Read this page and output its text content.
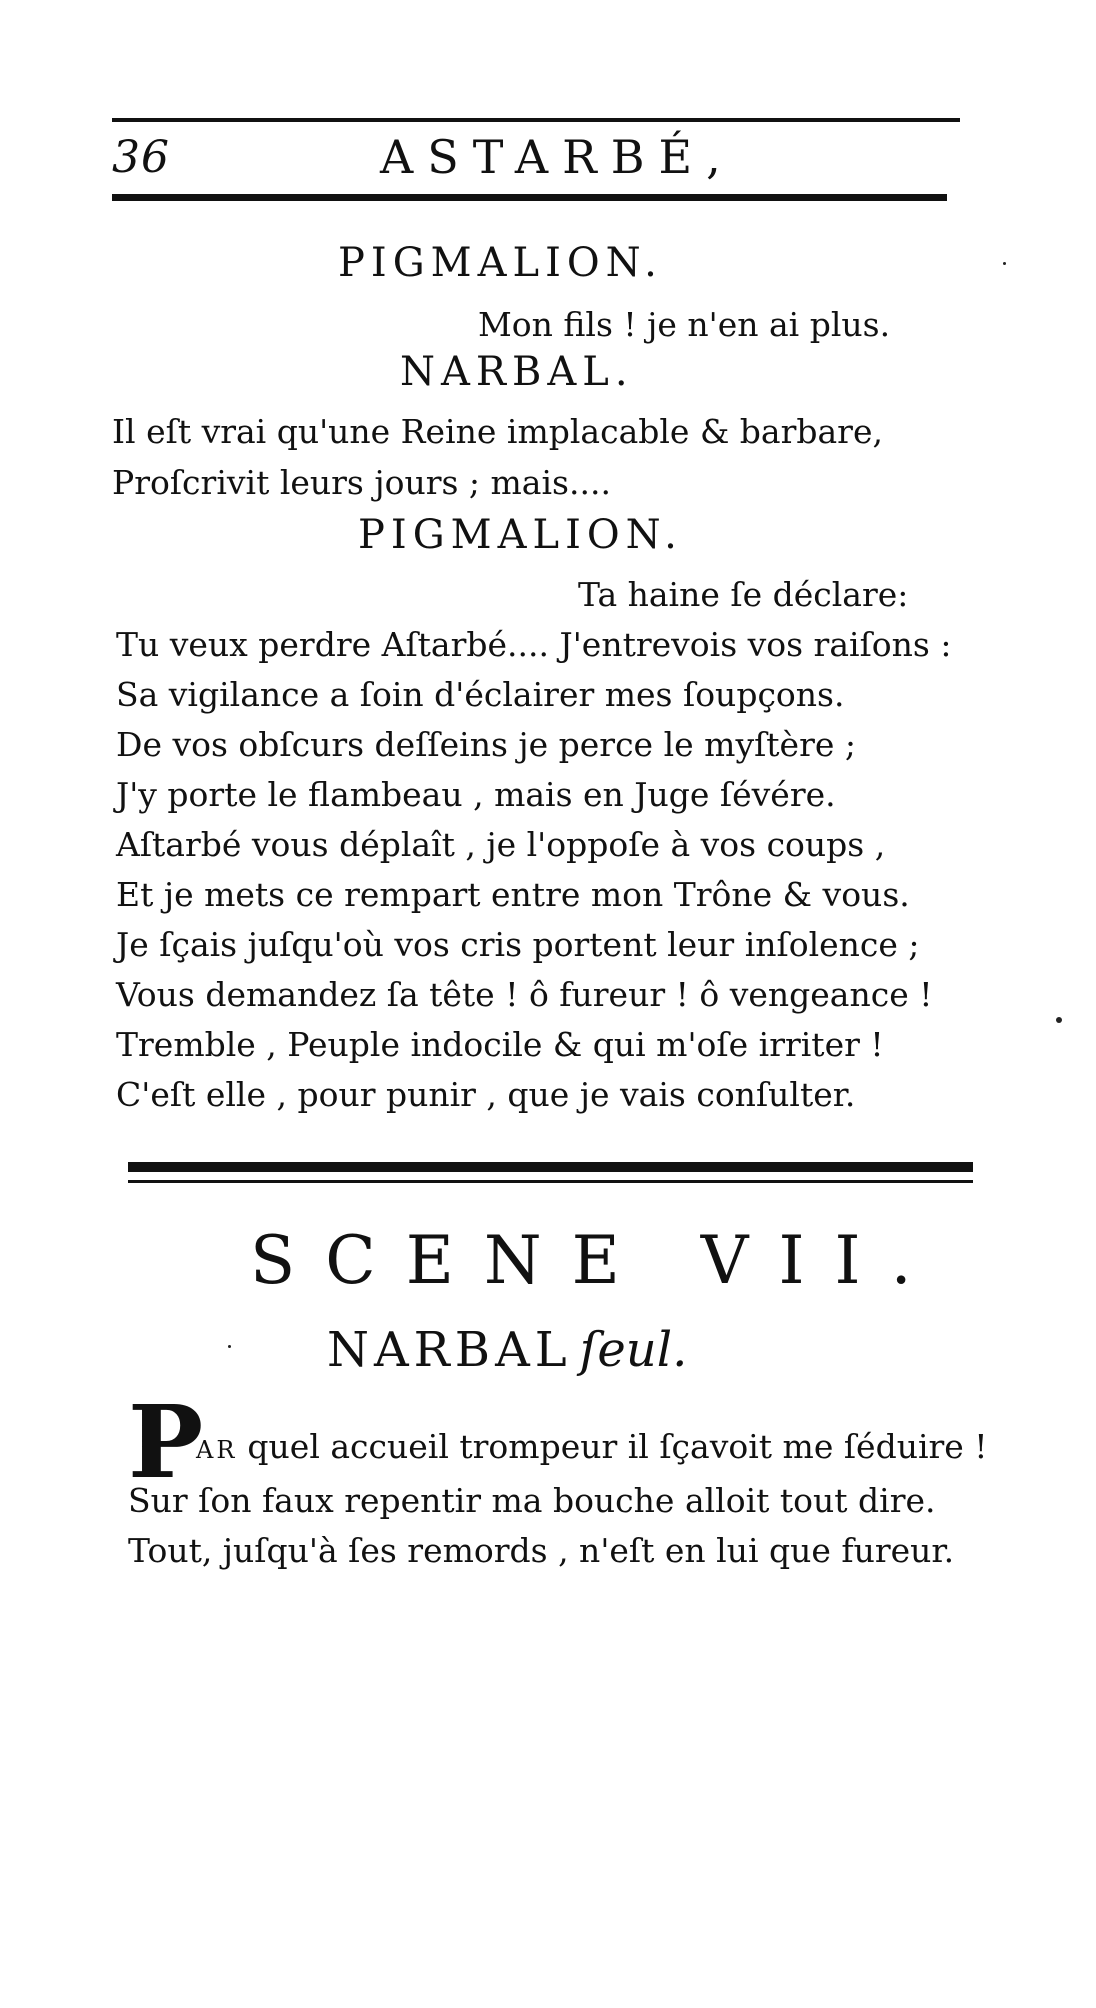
36	ASTARBÉ,
PIGMALION.
Mon fils ! je n'en ai plus.
NARBAL.
Il eſt vrai qu'une Reine implacable & barbare,
Proſcrivit leurs jours ; mais....
PIGMALION.
Ta haine ſe déclare:
Tu veux perdre Aſtarbé.... J'entrevois vos raiſons :
Sa vigilance a ſoin d'éclairer mes ſoupçons.
De vos obſcurs deſſeins je perce le myſtère ;
J'y porte le flambeau , mais en Juge ſévére.
Aſtarbé vous déplaît , je l'oppoſe à vos coups ,
Et je mets ce rempart entre mon Trône & vous.
Je ſçais juſqu'où vos cris portent leur inſolence ;
Vous demandez ſa tête ! ô fureur ! ô vengeance !
Tremble , Peuple indocile & qui m'oſe irriter !
C'eſt elle , pour punir , que je vais conſulter.
SCENE VII.
NARBAL ſeul.
P
AR quel accueil trompeur il ſçavoit me ſéduire !
Sur ſon faux repentir ma bouche alloit tout dire.
Tout, juſqu'à ſes remords , n'eſt en lui que fureur.
